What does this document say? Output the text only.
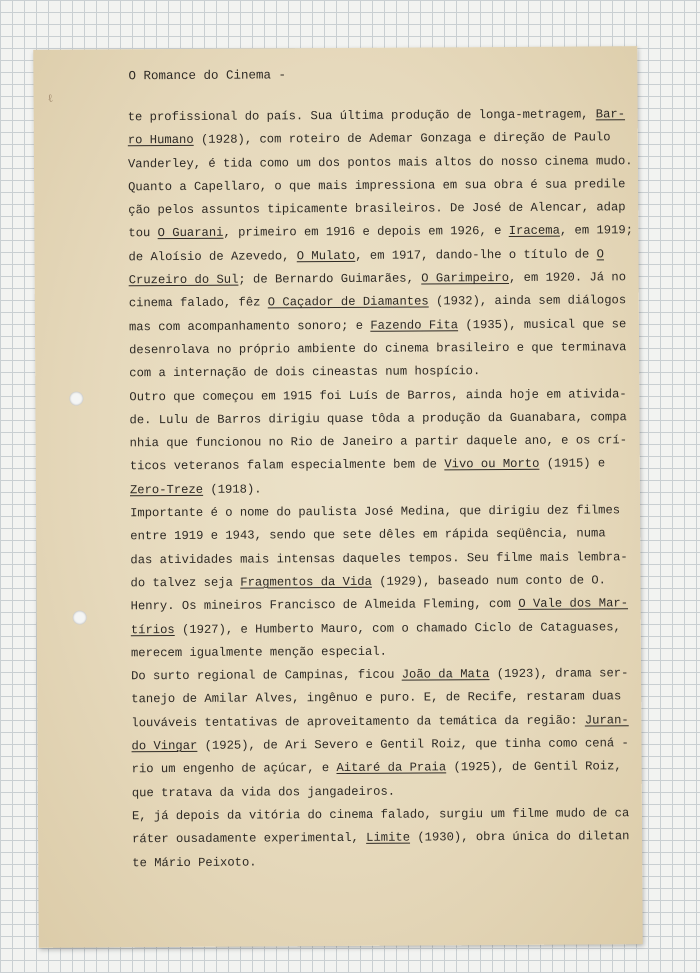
ℓ
O Romance do Cinema -
te profissional do país. Sua última produção de longa-metragem, Bar-
ro Humano (1928), com roteiro de Ademar Gonzaga e direção de Paulo
Vanderley, é tida como um dos pontos mais altos do nosso cinema mudo.
Quanto a Capellaro, o que mais impressiona em sua obra é sua predile
ção pelos assuntos tipicamente brasileiros. De José de Alencar, adap
tou O Guarani, primeiro em 1916 e depois em 1926, e Iracema, em 1919;
de Aloísio de Azevedo, O Mulato, em 1917, dando-lhe o título de O
Cruzeiro do Sul; de Bernardo Guimarães, O Garimpeiro, em 1920. Já no
cinema falado, fêz O Caçador de Diamantes (1932), ainda sem diálogos
mas com acompanhamento sonoro; e Fazendo Fita (1935), musical que se
desenrolava no próprio ambiente do cinema brasileiro e que terminava
com a internação de dois cineastas num hospício.
Outro que começou em 1915 foi Luís de Barros, ainda hoje em ativida-
de. Lulu de Barros dirigiu quase tôda a produção da Guanabara, compa
nhia que funcionou no Rio de Janeiro a partir daquele ano, e os crí-
ticos veteranos falam especialmente bem de Vivo ou Morto (1915) e
Zero-Treze (1918).
Importante é o nome do paulista José Medina, que dirigiu dez filmes
entre 1919 e 1943, sendo que sete dêles em rápida seqüência, numa
das atividades mais intensas daqueles tempos. Seu filme mais lembra-
do talvez seja Fragmentos da Vida (1929), baseado num conto de O.
Henry. Os mineiros Francisco de Almeida Fleming, com O Vale dos Mar-
tírios (1927), e Humberto Mauro, com o chamado Ciclo de Cataguases,
merecem igualmente menção especial.
Do surto regional de Campinas, ficou João da Mata (1923), drama ser-
tanejo de Amilar Alves, ingênuo e puro. E, de Recife, restaram duas
louváveis tentativas de aproveitamento da temática da região: Juran-
do Vingar (1925), de Ari Severo e Gentil Roiz, que tinha como cená -
rio um engenho de açúcar, e Aitaré da Praia (1925), de Gentil Roiz,
que tratava da vida dos jangadeiros.
E, já depois da vitória do cinema falado, surgiu um filme mudo de ca
ráter ousadamente experimental, Limite (1930), obra única do diletan
te Mário Peixoto.
